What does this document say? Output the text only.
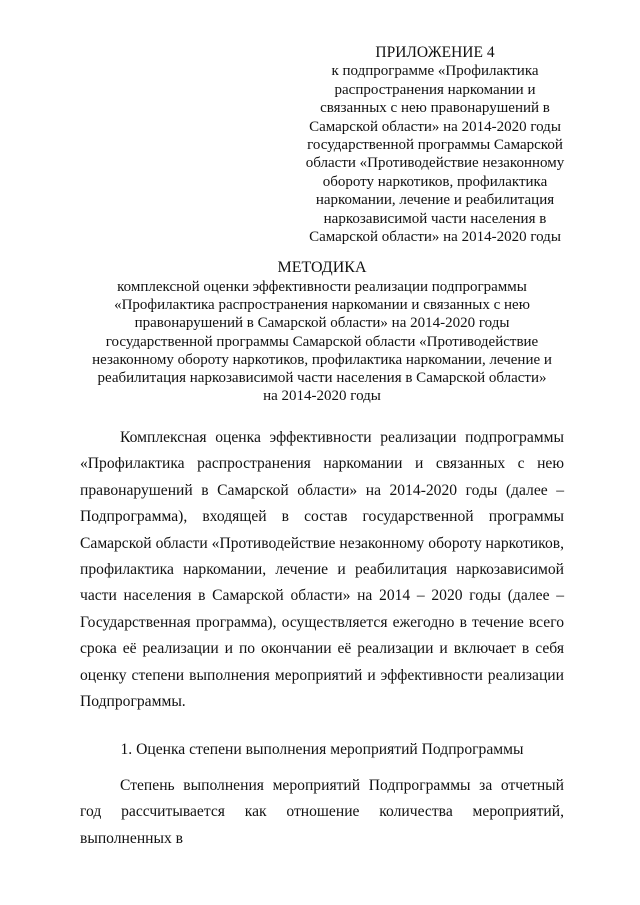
ПРИЛОЖЕНИЕ 4
к подпрограмме «Профилактика
распространения наркомании и
связанных с нею правонарушений в
Самарской области» на 2014-2020 годы
государственной программы Самарской
области «Противодействие незаконному
обороту наркотиков, профилактика
наркомании, лечение и реабилитация
наркозависимой части населения в
Самарской области» на 2014-2020 годы
МЕТОДИКА
комплексной оценки эффективности реализации подпрограммы
«Профилактика распространения наркомании и связанных с нею
правонарушений в Самарской области» на 2014-2020 годы
государственной программы Самарской области «Противодействие
незаконному обороту наркотиков, профилактика наркомании, лечение и
реабилитация наркозависимой части населения в Самарской области»
на 2014-2020 годы

Комплексная оценка эффективности реализации подпрограммы «Профилактика распространения наркомании и связанных с нею правонарушений в Самарской области» на 2014-2020 годы (далее – Подпрограмма), входящей в состав государственной программы Самарской области «Противодействие незаконному обороту наркотиков, профилактика наркомании, лечение и реабилитация наркозависимой части населения в Самарской области» на 2014 – 2020 годы (далее – Государственная программа), осуществляется ежегодно в течение всего срока её реализации и по окончании её реализации и включает в себя оценку степени выполнения мероприятий и эффективности реализации Подпрограммы.

1. Оценка степени выполнения мероприятий Подпрограммы

Степень выполнения мероприятий Подпрограммы за отчетный год рассчитывается как отношение количества мероприятий, выполненных в
